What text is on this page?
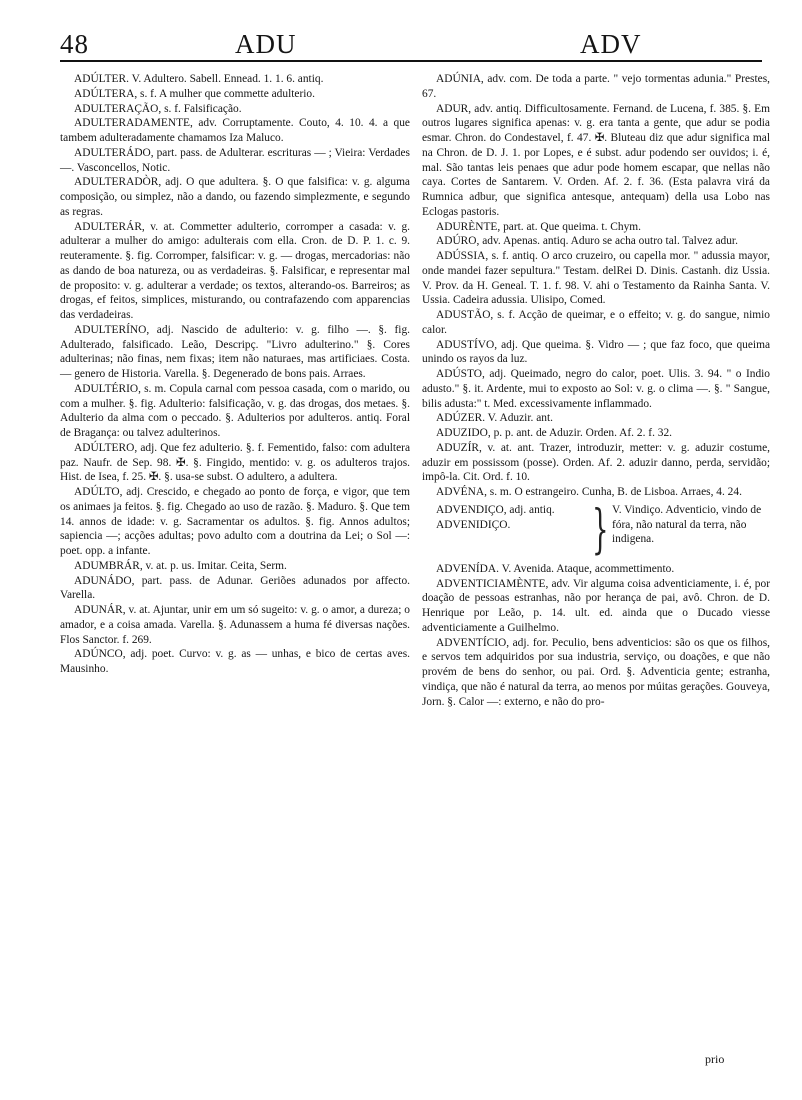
48	ADU	ADV

ADÚLTER. V. Adultero. Sabell. Ennead. 1. 1. 6. antiq.

ADÚLTERA, s. f. A mulher que commette adulterio.

ADULTERAÇÃO, s. f. Falsificação.

ADULTERADAMENTE, adv. Corruptamente. Couto, 4. 10. 4. a que tambem adulteradamente chamamos Iza Maluco.

ADULTERÁDO, part. pass. de Adulterar. escrituras — ; Vieira: Verdades —. Vasconcellos, Notic.

ADULTERADÒR, adj. O que adultera. §. O que falsifica: v. g. alguma composição, ou simplez, não a dando, ou fazendo simplezmente, e segundo as regras.

ADULTERÁR, v. at. Commetter adulterio, corromper a casada: v. g. adulterar a mulher do amigo: adulterais com ella. Cron. de D. P. 1. c. 9. reuteramente. §. fig. Corromper, falsificar: v. g. — drogas, mercadorias: não as dando de boa natureza, ou as verdadeiras. §. Falsificar, e representar mal de proposito: v. g. adulterar a verdade; os textos, alterando-os. Barreiros; as drogas, ef feitos, simplices, misturando, ou contrafazendo com apparencias das verdadeiras.

ADULTERÍNO, adj. Nascido de adulterio: v. g. filho —. §. fig. Adulterado, falsificado. Leão, Descripç. "Livro adulterino." §. Cores adulterinas; não finas, nem fixas; item não naturaes, mas artificiaes. Costa. — genero de Historia. Varella. §. Degenerado de bons pais. Arraes.

ADULTÉRIO, s. m. Copula carnal com pessoa casada, com o marido, ou com a mulher. §. fig. Adulterio: falsificação, v. g. das drogas, dos metaes. §. Adulterio da alma com o peccado. §. Adulterios por adulteros. antiq. Foral de Bragança: ou talvez adulterinos.

ADÚLTERO, adj. Que fez adulterio. §. f. Fementido, falso: com adultera paz. Naufr. de Sep. 98. ✠. §. Fingido, mentido: v. g. os adulteros trajos. Hist. de Isea, f. 25. ✠. §. usa-se subst. O adultero, a adultera.

ADÚLTO, adj. Crescido, e chegado ao ponto de força, e vigor, que tem os animaes ja feitos. §. fig. Chegado ao uso de razão. §. Maduro. §. Que tem 14. annos de idade: v. g. Sacramentar os adultos. §. fig. Annos adultos; sapiencia —; acções adultas; povo adulto com a doutrina da Lei; o Sol —: poet. opp. a infante.

ADUMBRÁR, v. at. p. us. Imitar. Ceita, Serm.

ADUNÁDO, part. pass. de Adunar. Geriões adunados por affecto. Varella.

ADUNÁR, v. at. Ajuntar, unir em um só sugeito: v. g. o amor, a dureza; o amador, e a coisa amada. Varella. §. Adunassem a huma fé diversas nações. Flos Sanctor. f. 269.

ADÚNCO, adj. poet. Curvo: v. g. as — unhas, e bico de certas aves. Mausinho.

ADÚNIA, adv. com. De toda a parte. " vejo tormentas adunia." Prestes, 67.

ADUR, adv. antiq. Difficultosamente. Fernand. de Lucena, f. 385. §. Em outros lugares significa apenas: v. g. era tanta a gente, que adur se podia esmar. Chron. do Condestavel, f. 47. ✠. Bluteau diz que adur significa mal na Chron. de D. J. 1. por Lopes, e é subst. adur podendo ser ouvidos; i. é, mal. São tantas leis penaes que adur pode homem escapar, que nellas não caya. Cortes de Santarem. V. Orden. Af. 2. f. 36. (Esta palavra virá da Rumnica adbur, que significa antesque, antequam) della usa Lobo nas Eclogas pastoris.

ADURÈNTE, part. at. Que queima. t. Chym.

ADÚRO, adv. Apenas. antiq. Aduro se acha outro tal. Talvez adur.

ADÚSSIA, s. f. antiq. O arco cruzeiro, ou capella mor. " adussia mayor, onde mandei fazer sepultura." Testam. delRei D. Dinis. Castanh. diz Ussia. V. Prov. da H. Geneal. T. 1. f. 98. V. ahi o Testamento da Rainha Santa. V. Ussia. Cadeira adussia. Ulisipo, Comed.

ADUSTÃO, s. f. Acção de queimar, e o effeito; v. g. do sangue, nimio calor.

ADUSTÍVO, adj. Que queima. §. Vidro — ; que faz foco, que queima unindo os rayos da luz.

ADÚSTO, adj. Queimado, negro do calor, poet. Ulis. 3. 94. " o Indio adusto." §. it. Ardente, mui to exposto ao Sol: v. g. o clima —. §. " Sangue, bilis adusta:" t. Med. excessivamente inflammado.

ADÚZER. V. Aduzir. ant.

ADUZIDO, p. p. ant. de Aduzir. Orden. Af. 2. f. 32.

ADUZÍR, v. at. ant. Trazer, introduzir, metter: v. g. aduzir costume, aduzir em possissom (posse). Orden. Af. 2. aduzir danno, perda, servidão; impô-la. Cit. Ord. f. 10.

ADVÉNA, s. m. O estrangeiro. Cunha, B. de Lisboa. Arraes, 4. 24.

ADVENDIÇO, adj. antiq.
ADVENIDIÇO.	} V. Vindiço. Adventicio, vindo de fóra, não natural da terra, não indigena.

ADVENÍDA. V. Avenida. Ataque, acommettimento.

ADVENTICIAMÈNTE, adv. Vir alguma coisa adventiciamente, i. é, por doação de pessoas estranhas, não por herança de pai, avô. Chron. de D. Henrique por Leão, p. 14. ult. ed. ainda que o Ducado viesse adventiciamente a Guilhelmo.

ADVENTÍCIO, adj. for. Peculio, bens adventicios: são os que os filhos, e servos tem adquiridos por sua industria, serviço, ou doações, e que não provém de bens do senhor, ou pai. Ord. §. Adventicia gente; estranha, vindiça, que não é natural da terra, ao menos por múitas gerações. Gouveya, Jorn. §. Calor —: externo, e não do pro-

prio
